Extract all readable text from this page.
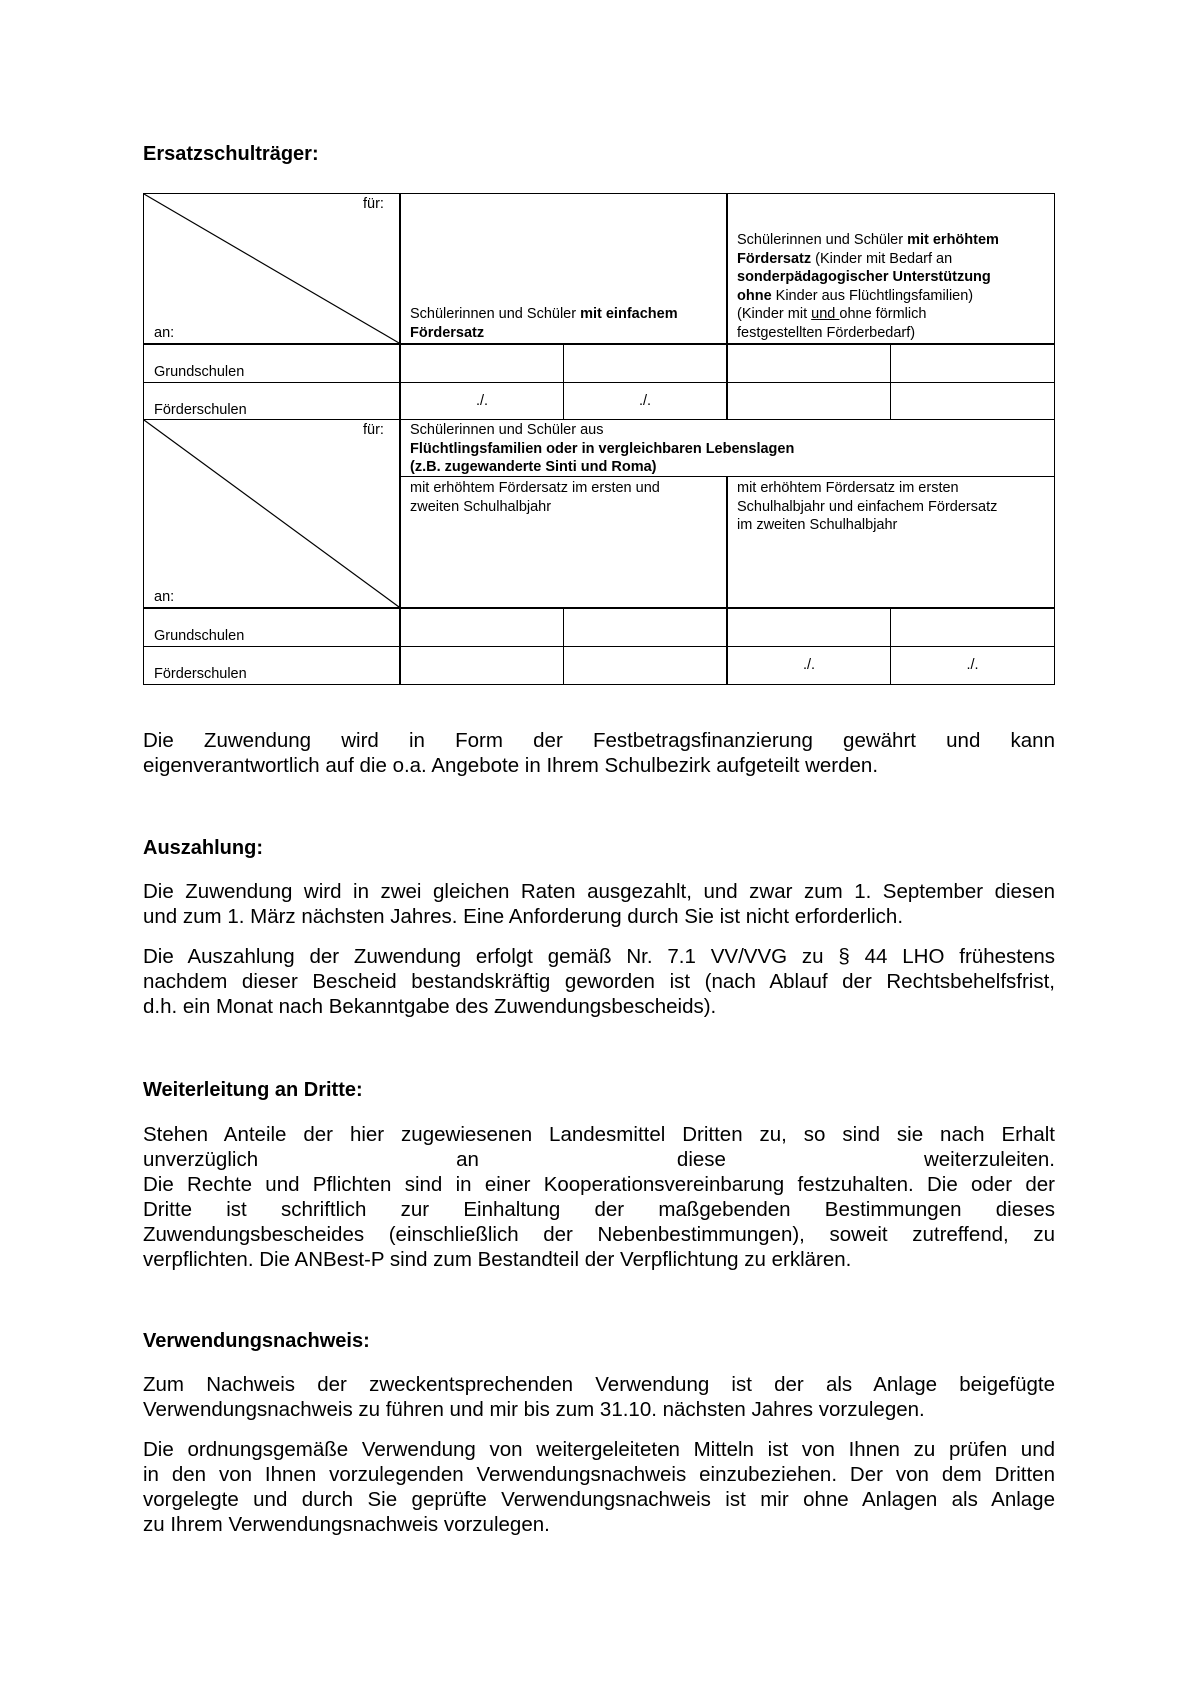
Ersatzschulträger:
für:
an:
Schülerinnen und Schüler mit einfachem
Fördersatz
Schülerinnen und Schüler mit erhöhtem
Fördersatz (Kinder mit Bedarf an
sonderpädagogischer Unterstützung
ohne Kinder aus Flüchtlingsfamilien)
(Kinder mit und ohne förmlich
festgestellten Förderbedarf)
Grundschulen
Förderschulen
./.	./.
für:
an:
Schülerinnen und Schüler aus
Flüchtlingsfamilien oder in vergleichbaren Lebenslagen
(z.B. zugewanderte Sinti und Roma)
mit erhöhtem Fördersatz im ersten und
zweiten Schulhalbjahr
mit erhöhtem Fördersatz im ersten
Schulhalbjahr und einfachem Fördersatz
im zweiten Schulhalbjahr
Grundschulen
Förderschulen
./.	./.
Die Zuwendung wird in Form der Festbetragsfinanzierung gewährt und kann
eigenverantwortlich auf die o.a. Angebote in Ihrem Schulbezirk aufgeteilt werden.
Auszahlung:
Die Zuwendung wird in zwei gleichen Raten ausgezahlt, und zwar zum 1. September diesen
und zum 1. März nächsten Jahres. Eine Anforderung durch Sie ist nicht erforderlich.
Die Auszahlung der Zuwendung erfolgt gemäß Nr. 7.1 VV/VVG zu § 44 LHO frühestens
nachdem dieser Bescheid bestandskräftig geworden ist (nach Ablauf der Rechtsbehelfsfrist,
d.h. ein Monat nach Bekanntgabe des Zuwendungsbescheids).
Weiterleitung an Dritte:
Stehen Anteile der hier zugewiesenen Landesmittel Dritten zu, so sind sie nach Erhalt
unverzüglich an diese weiterzuleiten.
Die Rechte und Pflichten sind in einer Kooperationsvereinbarung festzuhalten. Die oder der
Dritte ist schriftlich zur Einhaltung der maßgebenden Bestimmungen dieses
Zuwendungsbescheides (einschließlich der Nebenbestimmungen), soweit zutreffend, zu
verpflichten. Die ANBest-P sind zum Bestandteil der Verpflichtung zu erklären.
Verwendungsnachweis:
Zum Nachweis der zweckentsprechenden Verwendung ist der als Anlage beigefügte
Verwendungsnachweis zu führen und mir bis zum 31.10. nächsten Jahres vorzulegen.
Die ordnungsgemäße Verwendung von weitergeleiteten Mitteln ist von Ihnen zu prüfen und
in den von Ihnen vorzulegenden Verwendungsnachweis einzubeziehen. Der von dem Dritten
vorgelegte und durch Sie geprüfte Verwendungsnachweis ist mir ohne Anlagen als Anlage
zu Ihrem Verwendungsnachweis vorzulegen.
